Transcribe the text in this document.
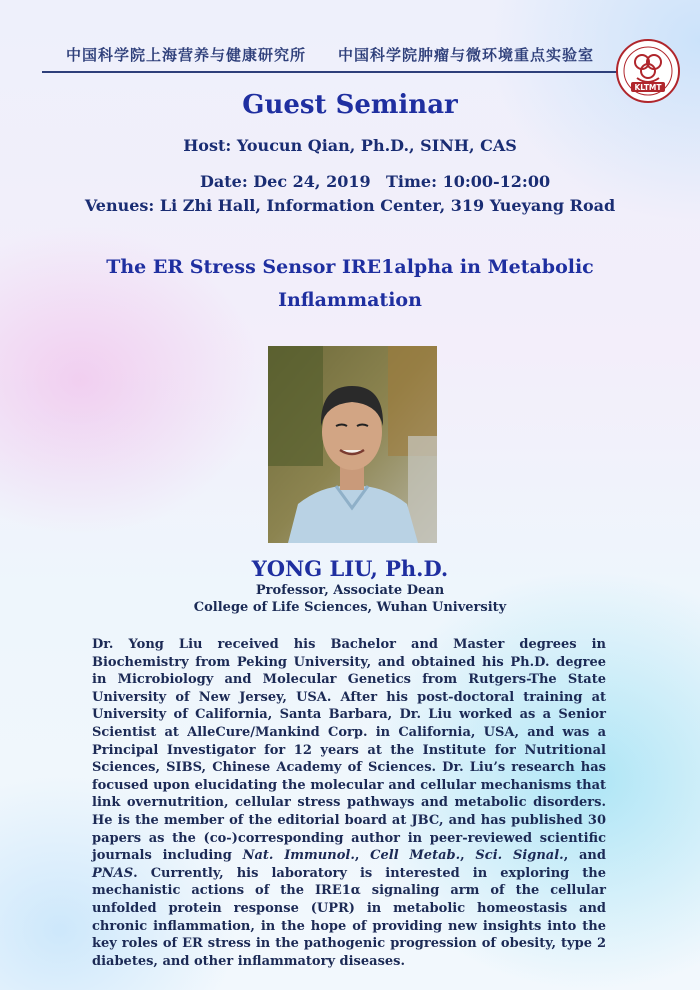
中国科学院上海营养与健康研究所 中国科学院肿瘤与微环境重点实验室
KLTMT
Guest Seminar
Host: Youcun Qian, Ph.D., SINH, CAS
Date: Dec 24, 2019 Time: 10:00-12:00
Venues: Li Zhi Hall, Information Center, 319 Yueyang Road
The ER Stress Sensor IRE1alpha in Metabolic Inflammation
YONG LIU, Ph.D.
Professor, Associate Dean
College of Life Sciences, Wuhan University

Dr. Yong Liu received his Bachelor and Master degrees in Biochemistry from Peking University, and obtained his Ph.D. degree in Microbiology and Molecular Genetics from Rutgers-The State University of New Jersey, USA. After his post-doctoral training at University of California, Santa Barbara, Dr. Liu worked as a Senior Scientist at AlleCure/Mankind Corp. in California, USA, and was a Principal Investigator for 12 years at the Institute for Nutritional Sciences, SIBS, Chinese Academy of Sciences. Dr. Liu’s research has focused upon elucidating the molecular and cellular mechanisms that link overnutrition, cellular stress pathways and metabolic disorders. He is the member of the editorial board at JBC, and has published 30 papers as the (co-)corresponding author in peer-reviewed scientific journals including Nat. Immunol., Cell Metab., Sci. Signal., and PNAS. Currently, his laboratory is interested in exploring the mechanistic actions of the IRE1α signaling arm of the cellular unfolded protein response (UPR) in metabolic homeostasis and chronic inflammation, in the hope of providing new insights into the key roles of ER stress in the pathogenic progression of obesity, type 2 diabetes, and other inflammatory diseases.
